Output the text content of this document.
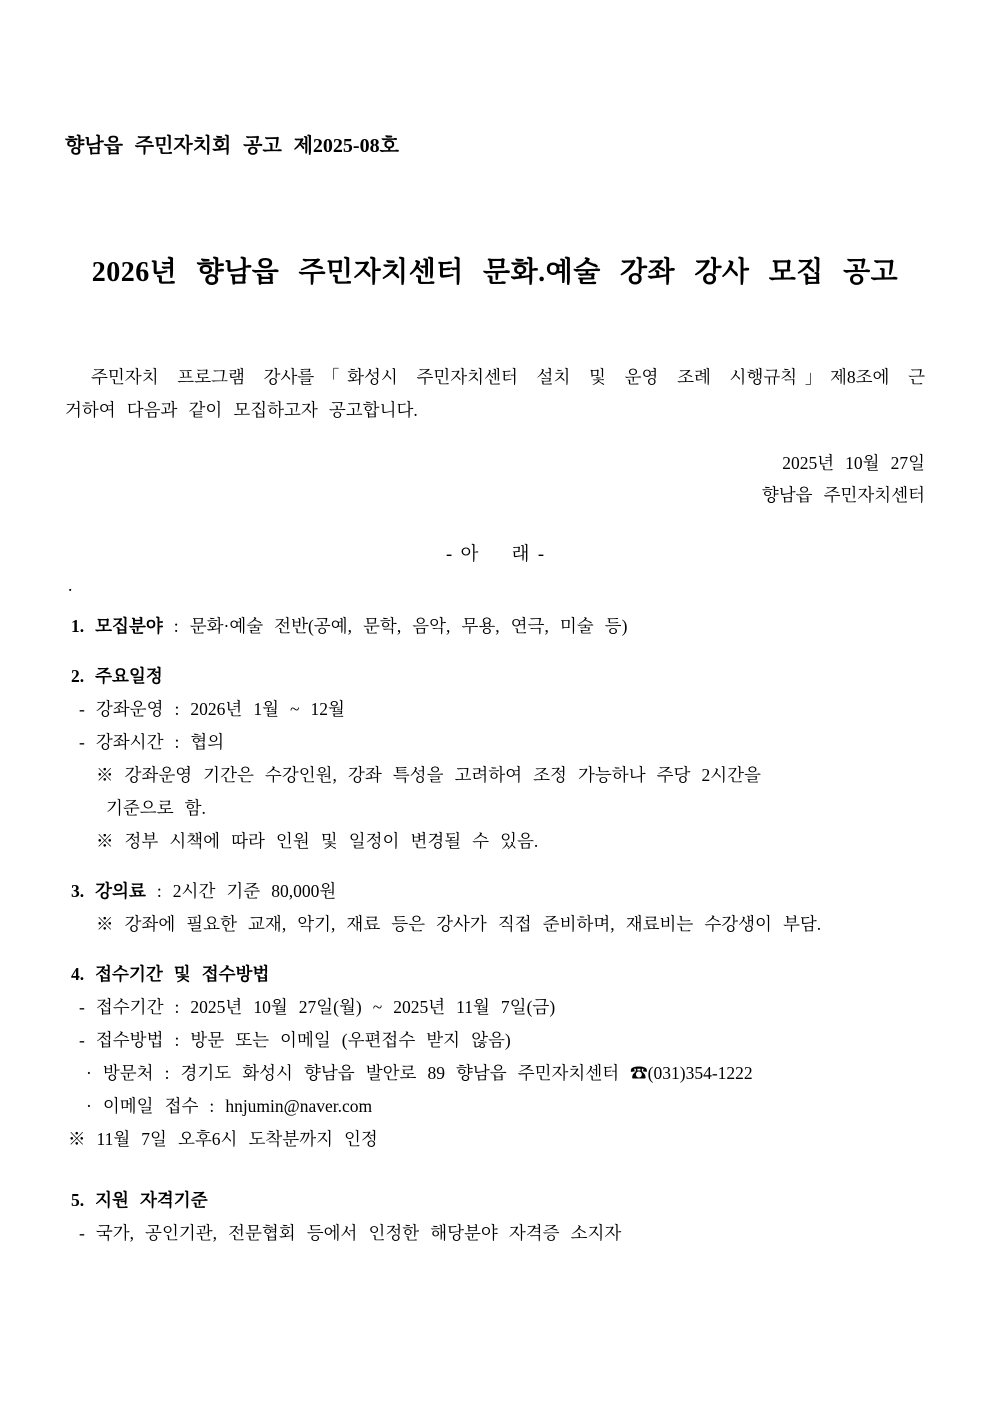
향남읍 주민자치회 공고 제2025-08호
2026년 향남읍 주민자치센터 문화.예술 강좌 강사 모집 공고
주민자치 프로그램 강사를「화성시 주민자치센터 설치 및 운영 조례 시행규칙」제8조에 근
거하여 다음과 같이 모집하고자 공고합니다.
2025년 10월 27일
향남읍 주민자치센터
- 아    래 -
.
1. 모집분야 : 문화·예술 전반(공예, 문학, 음악, 무용, 연극, 미술 등)
2. 주요일정
- 강좌운영 : 2026년 1월 ~ 12월
- 강좌시간 : 협의
※ 강좌운영 기간은 수강인원, 강좌 특성을 고려하여 조정 가능하나 주당 2시간을
기준으로 함.
※ 정부 시책에 따라 인원 및 일정이 변경될 수 있음.
3. 강의료 : 2시간 기준 80,000원
※ 강좌에 필요한 교재, 악기, 재료 등은 강사가 직접 준비하며, 재료비는 수강생이 부담.
4. 접수기간 및 접수방법
- 접수기간 : 2025년 10월 27일(월) ~ 2025년 11월 7일(금)
- 접수방법 : 방문 또는 이메일 (우편접수 받지 않음)
· 방문처 : 경기도 화성시 향남읍 발안로 89 향남읍 주민자치센터 ☎(031)354-1222
· 이메일 접수 : hnjumin@naver.com
※ 11월 7일 오후6시 도착분까지 인정
5. 지원 자격기준
- 국가, 공인기관, 전문협회 등에서 인정한 해당분야 자격증 소지자
